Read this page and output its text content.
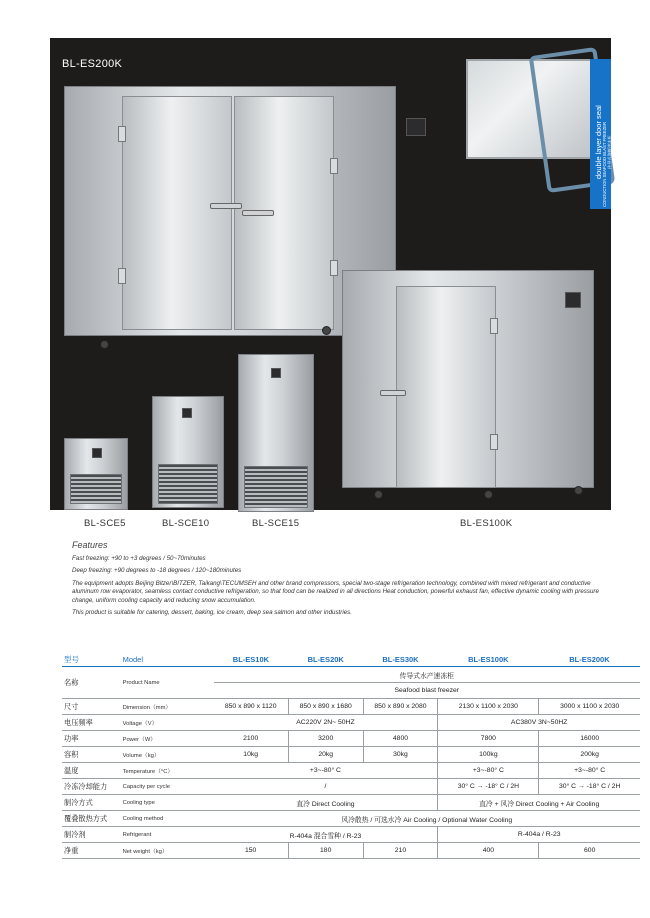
BL-ES200K
double layer door seal CONDUCTION SEAFOOD BLAST FREEZER 传导式海鲜速冻柜
BL-SCE5	BL-SCE10	BL-SCE15	BL-ES100K
Features

Fast freezing: +90 to +3 degrees / 50~70minutes

Deep freezing: +90 degrees to -18 degrees / 120~180minutes

The equipment adopts Beijing Bitzer\BITZER, Taikang\TECUMSEH and other brand compressors, special two-stage refrigeration technology, combined with mixed refrigerant and conductive aluminum row evaporator, seamless contact conductive refrigeration, so that food can be realized in all directions Heat conduction, powerful exhaust fan, effective dynamic cooling with pressure change, uniform cooling capacity and reducing snow accumulation.

This product is suitable for catering, dessert, baking, ice cream, deep sea salmon and other industries.

型号	Model	BL-ES10K	BL-ES20K	BL-ES30K	BL-ES100K	BL-ES200K
名称	Product Name	传导式水产速冻柜				
		Seafood blast freezer				
尺寸	Dimension（mm）	850 x 890 x 1120	850 x 890 x 1680	850 x 890 x 2080	2130 x 1100 x 2030	3000 x 1100 x 2030
电压频率	Voltage（V）	AC220V 2N~ 50HZ			AC380V 3N~50HZ	
功率	Power（W）	2100	3200	4800	7800	16000
容积	Volume（kg）	10kg	20kg	30kg	100kg	200kg
温度	Temperature（°C）	+3~-80° C			+3~-80° C	+3~-80° C
冷冻冷却能力	Capacity per cycle	/			30° C → -18° C / 2H	30° C → -18° C / 2H
制冷方式	Cooling type	直冷 Direct Cooling			直冷 + 风冷 Direct Cooling + Air Cooling	
覆叠散热方式	Cooling method	风冷散热 / 可选水冷 Air Cooling / Optional Water Cooling				
制冷剂	Refrigerant	R-404a 混合雪种 / R-23			R-404a / R-23	
净重	Net weight（kg）	150	180	210	400	600
